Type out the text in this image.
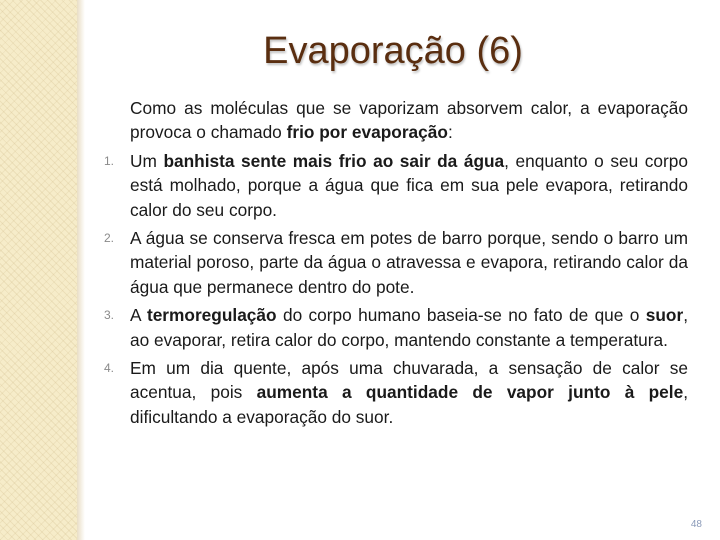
Evaporação (6)
Como as moléculas que se vaporizam absorvem calor, a evaporação provoca o chamado frio por evaporação:
1. Um banhista sente mais frio ao sair da água, enquanto o seu corpo está molhado, porque a água que fica em sua pele evapora, retirando calor do seu corpo.
2. A água se conserva fresca em potes de barro porque, sendo o barro um material poroso, parte da água o atravessa e evapora, retirando calor da água que permanece dentro do pote.
3. A termoregulação do corpo humano baseia-se no fato de que o suor, ao evaporar, retira calor do corpo, mantendo constante a temperatura.
4. Em um dia quente, após uma chuvarada, a sensação de calor se acentua, pois aumenta a quantidade de vapor junto à pele, dificultando a evaporação do suor.
48
